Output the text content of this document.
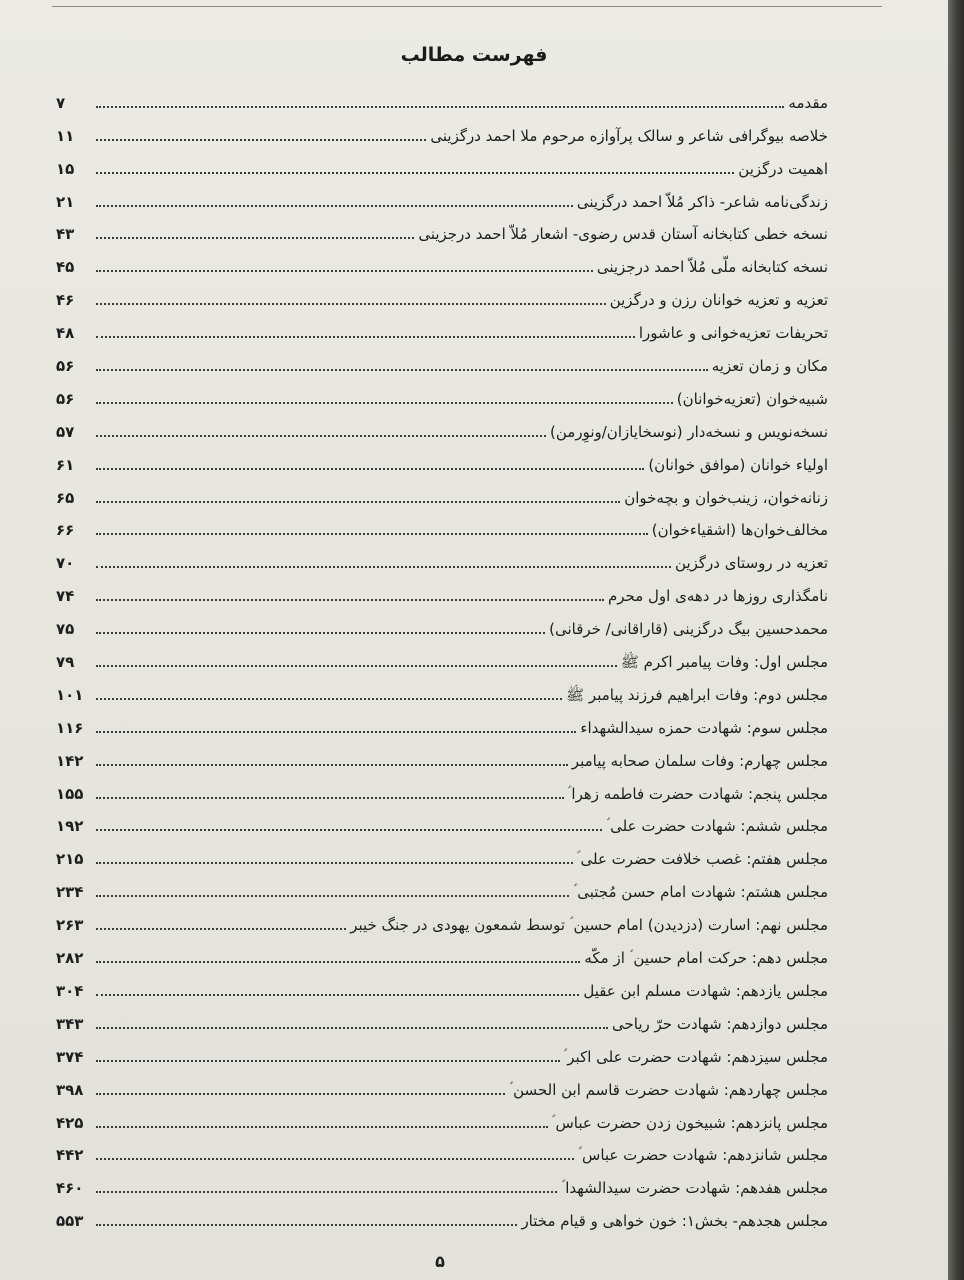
فهرست مطالب
مقدمه
۷
خلاصه بیوگرافی شاعر و سالک پرآوازه مرحوم ملا احمد درگزینی
۱۱
اهمیت درگزین
۱۵
زندگی‌نامه شاعر- ذاکر مُلاّ احمد درگزینی
۲۱
نسخه خطی کتابخانه آستان قدس رضوی- اشعار مُلاّ احمد درجزینی
۴۳
نسخه کتابخانه ملّی مُلاّ احمد درجزینی
۴۵
تعزیه و تعزیه خوانان رزن و درگزین
۴۶
تحریفات تعزیه‌خوانی و عاشورا
۴۸
مکان و زمان تعزیه
۵۶
شبیه‌خوان (تعزیه‌خوانان)
۵۶
نسخه‌نویس و نسخه‌دار (نوسخایازان/ونوِرمن)
۵۷
اولیاء خوانان (موافق خوانان)
۶۱
زنانه‌خوان، زینب‌خوان و بچه‌خوان
۶۵
مخالف‌خوان‌ها (اشقیاء‌خوان)
۶۶
تعزیه در روستای درگزین
۷۰
نامگذاری روزها در دهه‌ی اول محرم
۷۴
محمدحسین بیگ درگزینی (قاراقانی/ خرقانی)
۷۵
مجلس اول: وفات پیامبر اکرم ﷺ
۷۹
مجلس دوم: وفات ابراهیم فرزند پیامبر ﷺ
۱۰۱
مجلس سوم: شهادت حمزه سیدالشهداء
۱۱۶
مجلس چهارم: وفات سلمان صحابه پیامبر
۱۴۲
مجلس پنجم: شهادت حضرت فاطمه زهرا ؑ
۱۵۵
مجلس ششم: شهادت حضرت علی ؑ
۱۹۲
مجلس هفتم: غصب خلافت حضرت علی ؑ
۲۱۵
مجلس هشتم: شهادت امام حسن مُجتبی ؑ
۲۳۴
مجلس نهم: اسارت (دزدیدن) امام حسین ؑ توسط شمعون یهودی در جنگ خیبر
۲۶۳
مجلس دهم: حرکت امام حسین ؑ از مکّه
۲۸۲
مجلس یازدهم: شهادت مسلم ابن عقیل
۳۰۴
مجلس دوازدهم: شهادت حرّ ریاحی
۳۴۳
مجلس سیزدهم: شهادت حضرت علی اکبر ؑ
۳۷۴
مجلس چهاردهم: شهادت حضرت قاسم ابن الحسن ؑ
۳۹۸
مجلس پانزدهم: شبیخون زدن حضرت عباس ؑ
۴۲۵
مجلس شانزدهم: شهادت حضرت عباس ؑ
۴۴۲
مجلس هفدهم: شهادت حضرت سیدالشهدا ؑ
۴۶۰
مجلس هجدهم- بخش۱: خون خواهی و قیام مختار
۵۵۳
۵
